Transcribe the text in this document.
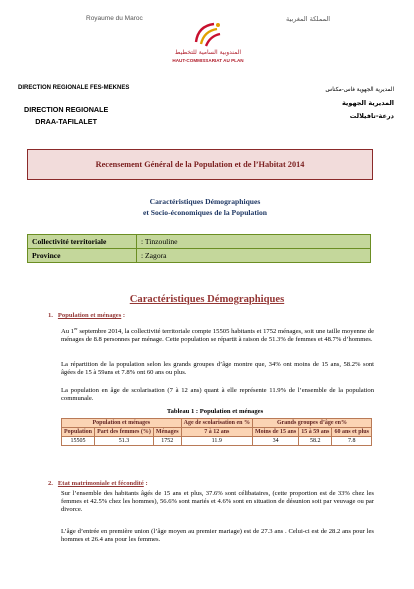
Royaume du Maroc	المملكة المغربية
المندوبية السامية للتخطيط
HAUT-COMMISSARIAT AU PLAN
DIRECTION REGIONALE FES-MEKNES
DIRECTION REGIONALE
DRAA-TAFILALET
المديرية الجهوية فاس-مكناس
المديرية الجهوية
درعة-تافيلالت
Recensement Général de la Population et de l’Habitat 2014
Caractéristiques Démographiques
et Socio-économiques de la Population
Collectivité territoriale	: Tinzouline
Province	: Zagora
Caractéristiques Démographiques
1. Population et ménages :
Au 1er septembre 2014, la collectivité territoriale compte 15505 habitants et 1752 ménages, soit une taille moyenne de ménages de 8.8 personnes par ménage. Cette population se répartit à raison de 51.3% de femmes et 48.7% d’hommes.
La répartition de la population selon les grands groupes d’âge montre que, 34% ont moins de 15 ans, 58.2% sont âgées de 15 à 59ans et 7.8% ont 60 ans ou plus.
La population en âge de scolarisation (7 à 12 ans) quant à elle représente 11.9% de l’ensemble de la population communale.
Tableau 1 : Population et ménages
Population et ménages			Age de scolarisation en %	Grands groupes d’âge en%		
Population	Part des femmes (%)	Ménages	7 à 12 ans	Moins de 15 ans	15 à 59 ans	60 ans et plus
15505	51.3	1752	11.9	34	58.2	7.8
2. Etat matrimoniale et fécondité :
Sur l’ensemble des habitants âgés de 15 ans et plus, 37.6% sont célibataires, (cette proportion est de 33% chez les femmes et 42.5% chez les hommes), 56.6% sont mariés et 4.6% sont en situation de désunion soit par veuvage ou par divorce.
L’âge d’entrée en première union (l’âge moyen au premier mariage) est de 27.3 ans . Celui-ci est de 28.2 ans pour les hommes et 26.4 ans pour les femmes.
